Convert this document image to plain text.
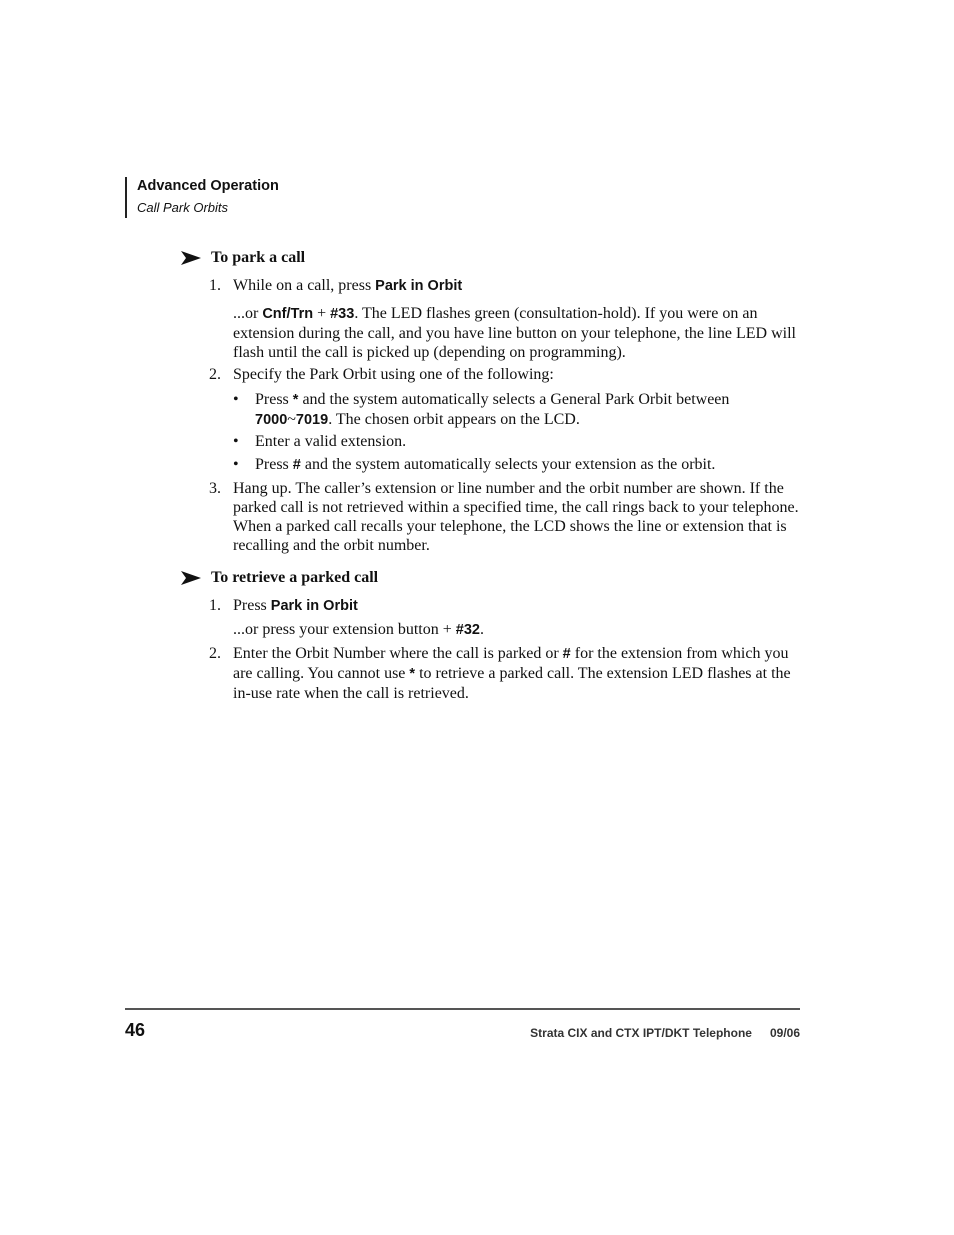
Advanced Operation
Call Park Orbits
To park a call
1. While on a call, press Park in Orbit
...or Cnf/Trn + #33. The LED flashes green (consultation-hold). If you were on an extension during the call, and you have line button on your telephone, the line LED will flash until the call is picked up (depending on programming).
2. Specify the Park Orbit using one of the following:
•	Press * and the system automatically selects a General Park Orbit between 7000~7019. The chosen orbit appears on the LCD.
•	Enter a valid extension.
•	Press # and the system automatically selects your extension as the orbit.
3. Hang up. The caller’s extension or line number and the orbit number are shown. If the parked call is not retrieved within a specified time, the call rings back to your telephone. When a parked call recalls your telephone, the LCD shows the line or extension that is recalling and the orbit number.
To retrieve a parked call
1. Press Park in Orbit
...or press your extension button + #32.
2. Enter the Orbit Number where the call is parked or # for the extension from which you are calling. You cannot use * to retrieve a parked call. The extension LED flashes at the in-use rate when the call is retrieved.
46	Strata CIX and CTX IPT/DKT Telephone 09/06
